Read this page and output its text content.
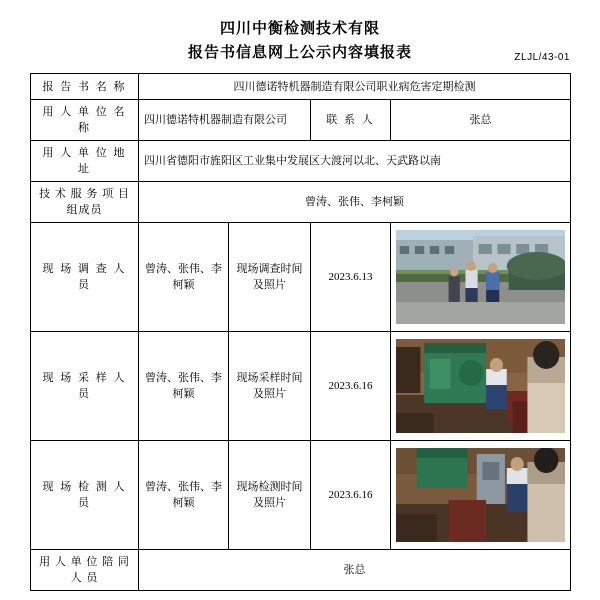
四川中衡检测技术有限
报告书信息网上公示内容填报表	ZLJL/43-01
报 告 书 名 称	四川德诺特机器制造有限公司职业病危害定期检测			
用 人 单 位 名 称	四川德诺特机器制造有限公司		联 系 人	张总
用 人 单 位 地 址	四川省德阳市旌阳区工业集中发展区大渡河以北、天武路以南			
技 术 服 务 项 目 组成员	曾涛、张伟、李柯颖			
现 场 调 查 人 员	曾涛、张伟、李柯颖	现场调查时间及照片	2023.6.13	

现 场 采 样 人 员	曾涛、张伟、李柯颖	现场采样时间及照片	2023.6.16	

现 场 检 测 人 员	曾涛、张伟、李柯颖	现场检测时间及照片	2023.6.16	

用 人 单 位 陪 同 人 员	张总			
